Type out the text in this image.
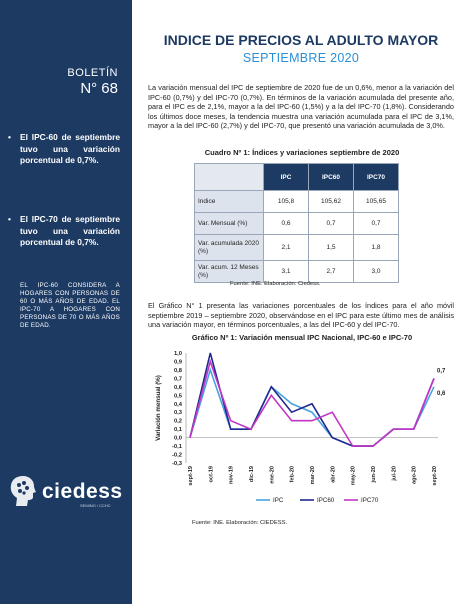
BOLETÍN
N° 68
• El IPC-60 de septiembre tuvo una variación porcentual de 0,7%.
• El IPC-70 de septiembre tuvo una variación porcentual de 0,7%.
EL IPC-60 CONSIDERA A HOGARES CON PERSONAS DE 60 O MÁS AÑOS DE EDAD. EL IPC-70 A HOGARES CON PERSONAS DE 70 O MÁS AÑOS DE EDAD.
ciedess
SEMINO / CCHC
INDICE DE PRECIOS AL ADULTO MAYOR
SEPTIEMBRE 2020
La variación mensual del IPC de septiembre de 2020 fue de un 0,6%, menor a la variación del IPC-60 (0,7%) y del IPC-70 (0,7%). En términos de la variación acumulada del presente año, para el IPC es de 2,1%, mayor a la del IPC-60 (1,5%) y a la del IPC-70 (1,8%). Considerando los últimos doce meses, la tendencia muestra una variación acumulada para el IPC de 3,1%, mayor a la del IPC-60 (2,7%) y del IPC-70, que presentó una variación acumulada de 3,0%.
Cuadro Nº 1: Índices y variaciones septiembre de 2020
	IPC	IPC60	IPC70
Indice	105,8	105,62	105,65
Var. Mensual (%)	0,6	0,7	0,7
Var. acumulada 2020 (%)	2,1	1,5	1,8
Var. acum. 12 Meses (%)	3,1	2,7	3,0
Fuente: INE. Elaboración: Ciedess.
El Gráfico N° 1 presenta las variaciones porcentuales de los índices para el año móvil septiembre 2019 – septiembre 2020, observándose en el IPC para este último mes de análisis una variación mayor, en términos porcentuales, a las del IPC-60 y del IPC-70.
Gráfico Nº 1: Variación mensual IPC Nacional, IPC-60 e IPC-70
1,0
0,9
0,8
0,7
0,6
0,5
0,4
0,3
0,2
0,1
0,0
-0,1
-0,2
-0,3
sept-19	oct-19	nov-19	dic-19	ene-20	feb-20	mar-20	abr-20	may-20	jun-20	jul-20	ago-20	sept-20
Variación mensual (%)
0,7
0,6
IPC	IPC60	IPC70
Fuente: INE. Elaboración: CIEDESS.
